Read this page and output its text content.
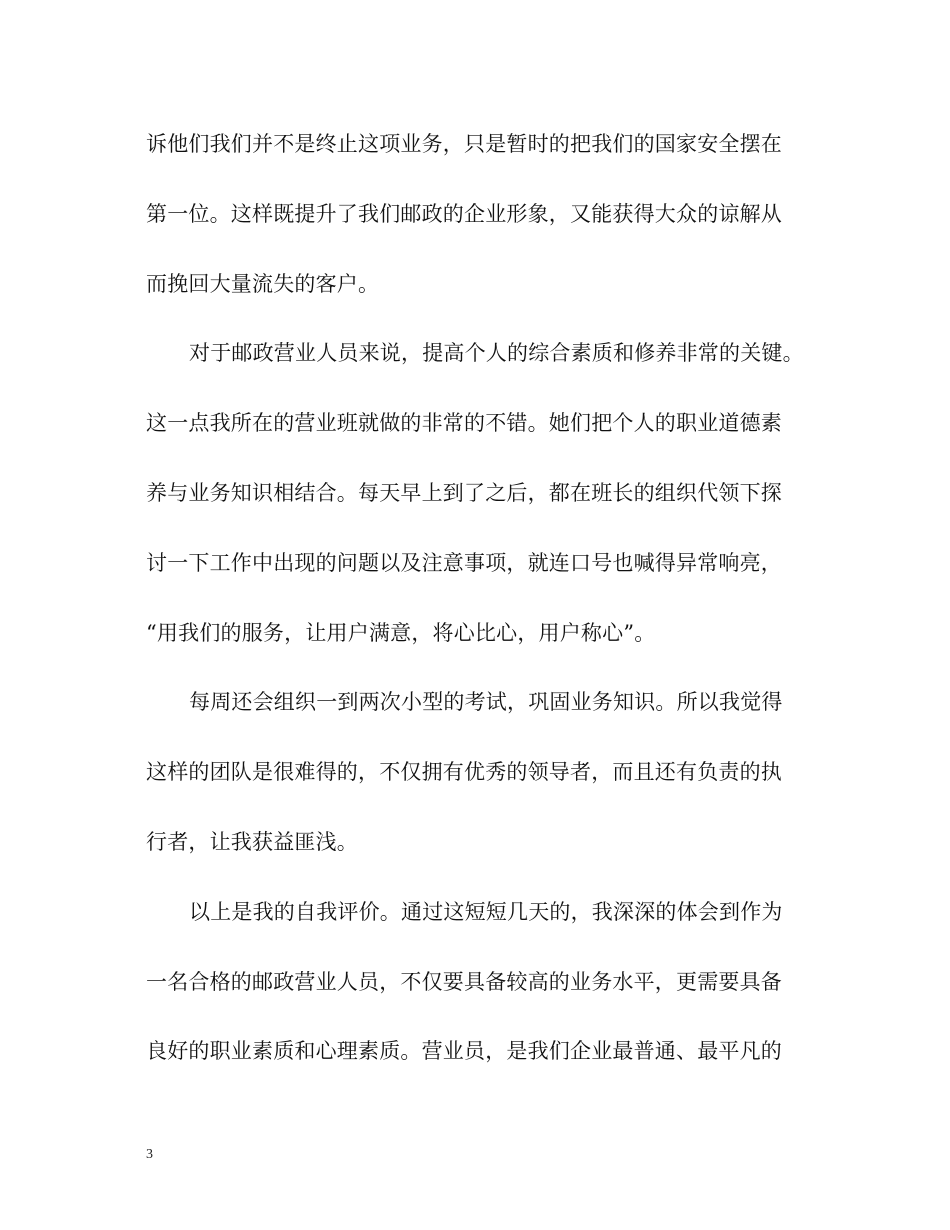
诉他们我们并不是终止这项业务，只是暂时的把我们的国家安全摆在
第一位。这样既提升了我们邮政的企业形象，又能获得大众的谅解从
而挽回大量流失的客户。
对于邮政营业人员来说，提高个人的综合素质和修养非常的关键。
这一点我所在的营业班就做的非常的不错。她们把个人的职业道德素
养与业务知识相结合。每天早上到了之后，都在班长的组织代领下探
讨一下工作中出现的问题以及注意事项，就连口号也喊得异常响亮，
“用我们的服务，让用户满意，将心比心，用户称心”。
每周还会组织一到两次小型的考试，巩固业务知识。所以我觉得
这样的团队是很难得的，不仅拥有优秀的领导者，而且还有负责的执
行者，让我获益匪浅。
以上是我的自我评价。通过这短短几天的，我深深的体会到作为
一名合格的邮政营业人员，不仅要具备较高的业务水平，更需要具备
良好的职业素质和心理素质。营业员，是我们企业最普通、最平凡的
3
